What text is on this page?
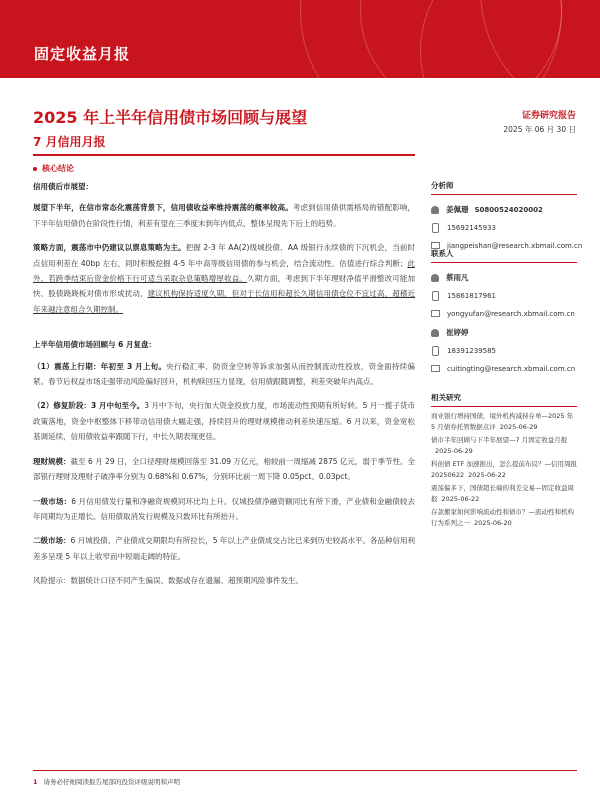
固定收益月报
2025 年上半年信用债市场回顾与展望
7 月信用月报
证券研究报告
2025 年 06 月 30 日
核心结论

信用债后市展望：

展望下半年，在信市常态化震荡背景下，信用债收益率维持震荡的概率较高。考虑到信用债供需格局的错配影响，下半年信用债仍在阶段性行情，利差有望在三季度末到年内低点，整体呈现先下后上的趋势。

策略方面，震荡市中仍建议以票息策略为主。把握 2-3 年 AA(2)级城投债、AA 级银行永续债的下沉机会，当前时点信用利差在 40bp 左右，同时积极挖掘 4-5 年中高等级信用债的参与机会，结合流动性、估值进行综合判断；此外，若跨季结束后资金价格下行可适当采取杂息策略增厚收益。久期方面，考虑到下半年理财净值平滑整改可能加快、股债跷跷板对债市形成扰动，建议机构保持适度久期，但对于长信用和超长久期信用债仓位不宜过高，超稽近年来越注意组合久期控制。

上半年信用债市场回顾与 6 月复盘：

（1）震荡上行期：年初至 3 月上旬。央行稳汇率、防资金空转等诉求加强从而控制流动性投放，资金面持续偏紧。春节后权益市场走强带动风险偏好回升，机构赎回压力显现，信用债跟随调整，利差突破年内高点。

（2）修复阶段：3 月中旬至今。3 月中下旬，央行加大资金投放力度，市场流动性预期有所好转。5 月一揽子货币政策落地，资金中枢整体下移带动信用债大幅走强，持续回升的理财规模推动利差快速压缩。6 月以来，资金宽松基调延续，信用债收益率跟随下行，中长久期表现更佳。

理财规模：截至 6 月 29 日，全口径理财规模回落至 31.09 万亿元，相较前一周缩减 2875 亿元，弱于季节性。全部银行理财及理财子破净率分别为 0.68%和 0.67%，分别环比前一周下降 0.05pct、0.03pct。

一级市场：6 月信用债发行量和净融资规模同环比均上升。仅城投债净融资额同比有所下滑，产业债和金融债较去年同期均为正增长。信用债取消发行规模及只数环比有所抬升。

二级市场：6 月城投债、产业债成交期限均有所拉长，5 年以上产业债成交占比已来到历史较高水平。各品种信用利差多呈现 5 年以上收窄而中短端走阔的特征。

风险提示：数据统计口径不同产生偏误、数据或存在遗漏、超预期风险事件发生。

分析师
姜佩珊 S0800524020002
15692145933
jiangpeishan@research.xbmail.com.cn
联系人
蔡雨凡
15861817961
yongyufan@research.xbmail.com.cn
崔婷婷
18391239585
cuitingting@research.xbmail.com.cn
相关研究
商业银行增持国债，境外机构减持存单—2025 年 5 月债券托管数据点评 2025-06-29
债市半年回顾与下半年展望—7 月固定收益月报2025-06-29
科创债 ETF 加速推出，怎么提前布局？—信用周报 20250622 2025-06-22
震荡偏多下，国债超长端的利差交易—固定收益周报 2025-06-22
存款搬家如何影响流动性和债市？—流动性和机构行为系列之一 2025-06-20
1 请务必仔细阅读报告尾部的投资评级说明和声明
